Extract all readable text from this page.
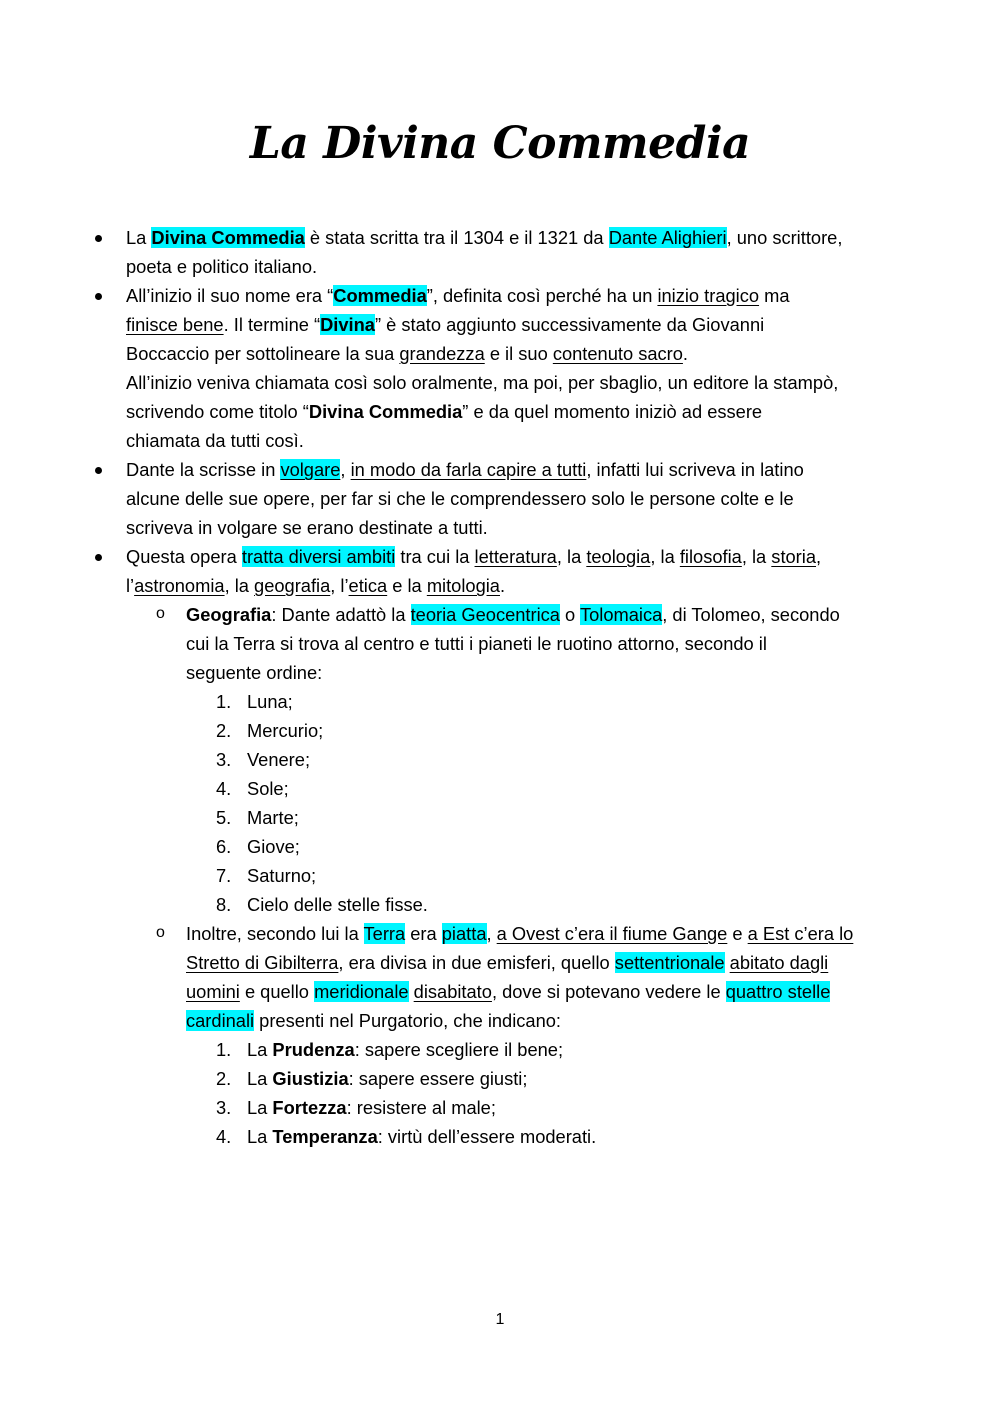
La Divina Commedia
La Divina Commedia è stata scritta tra il 1304 e il 1321 da Dante Alighieri, uno scrittore,
poeta e politico italiano.
All’inizio il suo nome era “Commedia”, definita così perché ha un inizio tragico ma
finisce bene. Il termine “Divina” è stato aggiunto successivamente da Giovanni
Boccaccio per sottolineare la sua grandezza e il suo contenuto sacro.
All’inizio veniva chiamata così solo oralmente, ma poi, per sbaglio, un editore la stampò,
scrivendo come titolo “Divina Commedia” e da quel momento iniziò ad essere
chiamata da tutti così.
Dante la scrisse in volgare, in modo da farla capire a tutti, infatti lui scriveva in latino
alcune delle sue opere, per far si che le comprendessero solo le persone colte e le
scriveva in volgare se erano destinate a tutti.
Questa opera tratta diversi ambiti tra cui la letteratura, la teologia, la filosofia, la storia,
l’astronomia, la geografia, l’etica e la mitologia.
o Geografia: Dante adattò la teoria Geocentrica o Tolomaica, di Tolomeo, secondo
cui la Terra si trova al centro e tutti i pianeti le ruotino attorno, secondo il
seguente ordine:
1. Luna;
2. Mercurio;
3. Venere;
4. Sole;
5. Marte;
6. Giove;
7. Saturno;
8. Cielo delle stelle fisse.
o Inoltre, secondo lui la Terra era piatta, a Ovest c’era il fiume Gange e a Est c’era lo
Stretto di Gibilterra, era divisa in due emisferi, quello settentrionale abitato dagli
uomini e quello meridionale disabitato, dove si potevano vedere le quattro stelle
cardinali presenti nel Purgatorio, che indicano:
1. La Prudenza: sapere scegliere il bene;
2. La Giustizia: sapere essere giusti;
3. La Fortezza: resistere al male;
4. La Temperanza: virtù dell’essere moderati.
1
